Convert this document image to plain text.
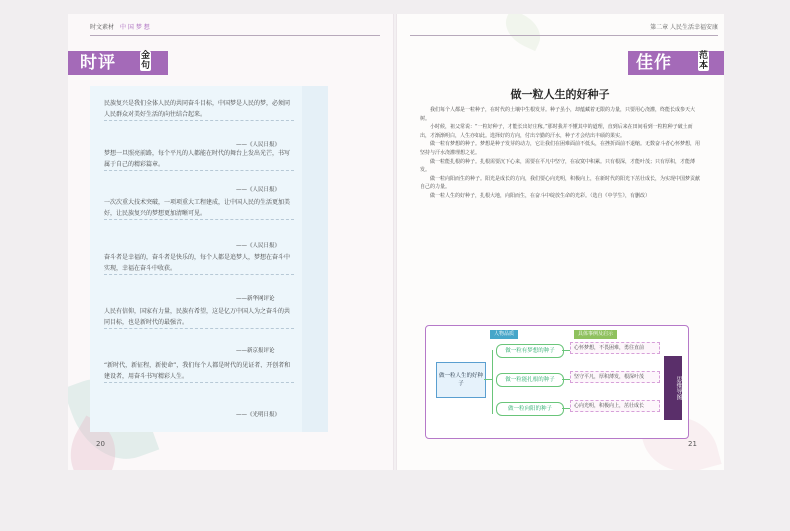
时文素材 中 国 梦 想	第二章 人民生活幸福安康
时评	金句	佳作	范本
民族复兴是我们全体人民的共同奋斗目标，中国梦是人民的梦，必须同人民群众对美好生活的向往结合起来。
——《人民日报》
梦想一旦照亮前路，每个平凡的人都能在时代的舞台上发出光芒，书写属于自己的精彩篇章。
——《人民日报》
一次次重大技术突破，一项项重大工程建成，让中国人民的生活更加美好，让民族复兴的梦想更加清晰可见。
——《人民日报》
奋斗者是幸福的，奋斗者是快乐的，每个人都是追梦人，梦想在奋斗中实现，幸福在奋斗中收获。
——新华网评论
人民有信仰，国家有力量，民族有希望，这是亿万中国人为之奋斗的共同目标，也是新时代的最强音。
——新京报评论
“新时代，新征程，新使命”，我们每个人都是时代的见证者、开创者和建设者，用奋斗书写精彩人生。
——《光明日报》
20	21
做一粒人生的好种子

我们每个人都是一粒种子，在时代的土壤中生根发芽。种子虽小，却蕴藏着无限的力量，只要用心浇灌，终能长成参天大树。

小时候，祖父常说：“一粒好种子，才能长出好庄稼。”那时我并不懂其中的道理，直到后来在田间看到一粒粒种子破土而出，才渐渐明白，人生亦如此。选择好的方向，付出辛勤的汗水，种子才会结出丰硕的果实。

做一粒有梦想的种子。梦想是种子发芽的动力，它让我们在困难面前不低头，在挫折面前不退缩。无数奋斗者心怀梦想，用坚持与汗水浇灌理想之花。

做一粒能扎根的种子。扎根需要沉下心来，需要在平凡中坚守，在寂寞中积累。只有根深，才能叶茂；只有厚积，才能薄发。

做一粒向阳而生的种子。阳光是成长的方向，我们要心向光明，积极向上，在新时代的阳光下茁壮成长，为实现中国梦贡献自己的力量。

做一粒人生的好种子，扎根大地，向阳而生，在奋斗中绽放生命的光彩。（选自《中学生》，有删改）

做一粒人生的好种子
人物品质	具体事例及启示
做一粒有梦想的种子
做一粒能扎根的种子
做一粒向阳的种子
心怀梦想，不畏困难，勇往直前
坚守平凡，厚积薄发，根深叶茂
心向光明，积极向上，茁壮成长
思维导图
